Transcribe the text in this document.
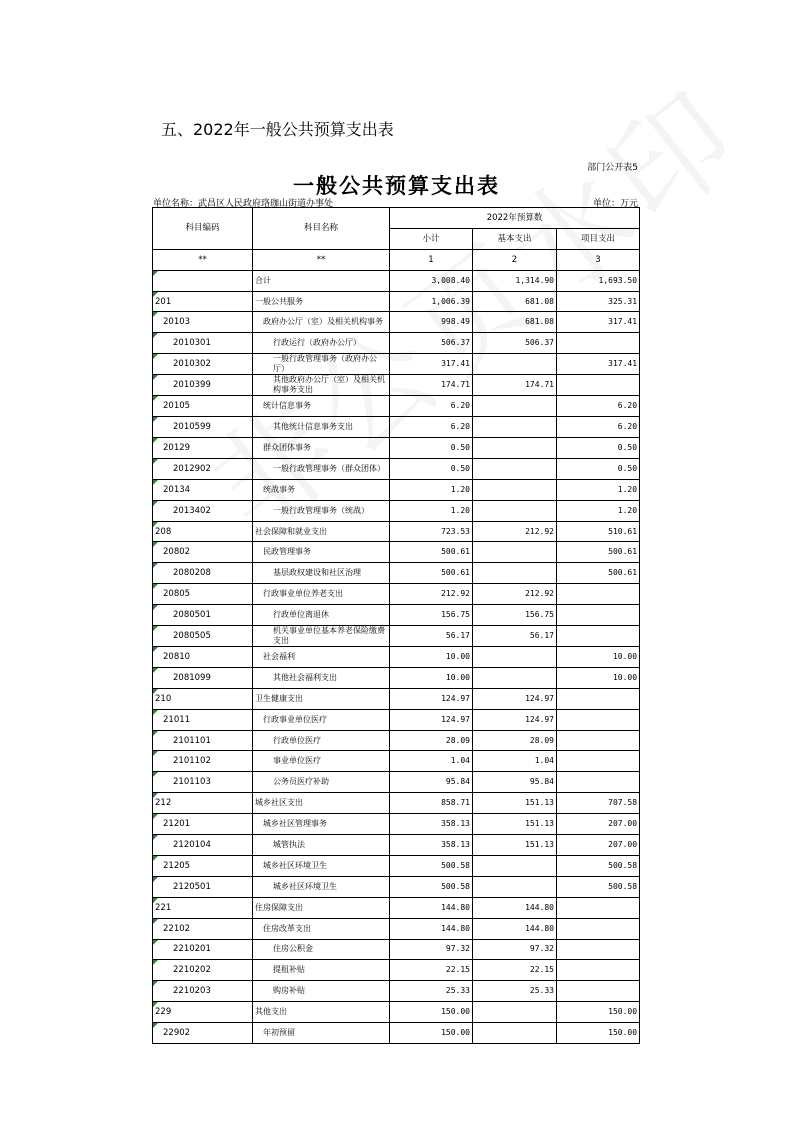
五、2022年一般公共预算支出表
部门公开表5
一般公共预算支出表
单位名称：武昌区人民政府珞珈山街道办事处	单位：万元
科目编码	科目名称	2022年预算数		
		小计	基本支出	项目支出
**	**	1	2	3
	合计	3,008.40	1,314.90	1,693.50
201	一般公共服务	1,006.39	681.08	325.31
20103	政府办公厅（室）及相关机构事务	998.49	681.08	317.41
2010301	行政运行（政府办公厅）	506.37	506.37	
2010302	一般行政管理事务（政府办公厅）	317.41		317.41
2010399	其他政府办公厅（室）及相关机构事务支出	174.71	174.71	
20105	统计信息事务	6.20		6.20
2010599	其他统计信息事务支出	6.20		6.20
20129	群众团体事务	0.50		0.50
2012902	一般行政管理事务（群众团体）	0.50		0.50
20134	统战事务	1.20		1.20
2013402	一般行政管理事务（统战）	1.20		1.20
208	社会保障和就业支出	723.53	212.92	510.61
20802	民政管理事务	500.61		500.61
2080208	基层政权建设和社区治理	500.61		500.61
20805	行政事业单位养老支出	212.92	212.92	
2080501	行政单位离退休	156.75	156.75	
2080505	机关事业单位基本养老保险缴费支出	56.17	56.17	
20810	社会福利	10.00		10.00
2081099	其他社会福利支出	10.00		10.00
210	卫生健康支出	124.97	124.97	
21011	行政事业单位医疗	124.97	124.97	
2101101	行政单位医疗	28.09	28.09	
2101102	事业单位医疗	1.04	1.04	
2101103	公务员医疗补助	95.84	95.84	
212	城乡社区支出	858.71	151.13	707.58
21201	城乡社区管理事务	358.13	151.13	207.00
2120104	城管执法	358.13	151.13	207.00
21205	城乡社区环境卫生	500.58		500.58
2120501	城乡社区环境卫生	500.58		500.58
221	住房保障支出	144.80	144.80	
22102	住房改革支出	144.80	144.80	
2210201	住房公积金	97.32	97.32	
2210202	提租补贴	22.15	22.15	
2210203	购房补贴	25.33	25.33	
229	其他支出	150.00		150.00
22902	年初预留	150.00		150.00
